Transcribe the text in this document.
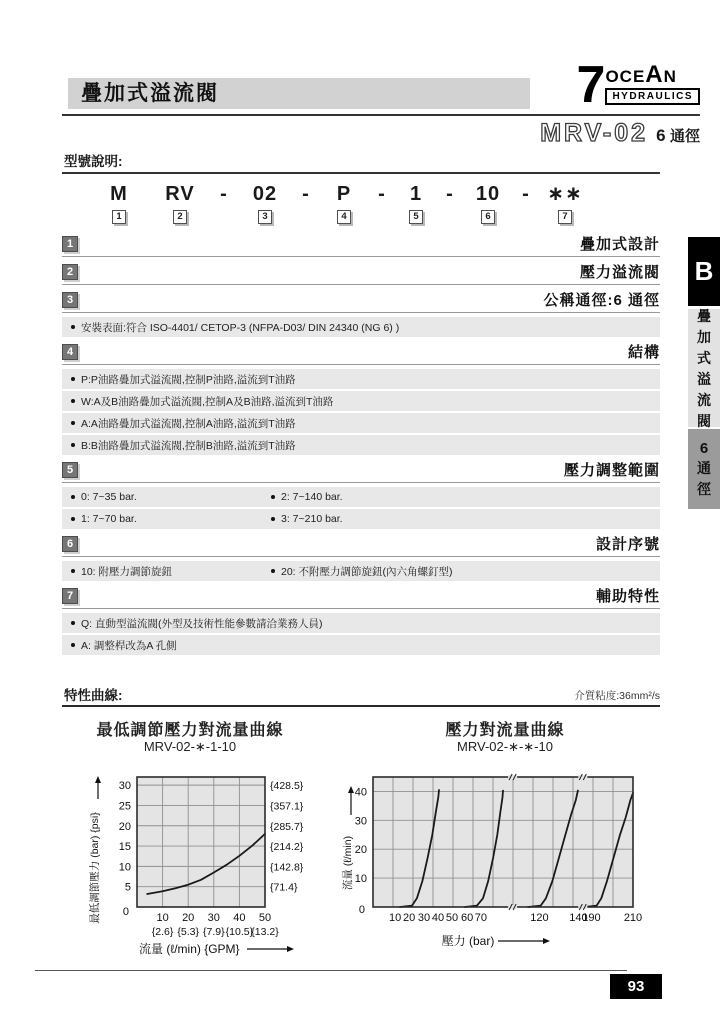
疊加式溢流閥	7 OCEAN
HYDRAULICS
MRV-02 6 通徑
型號說明:
M
1
RV
2
- 02
3
- P
4
- 1
5
- 10
6
- ∗∗
7
1	疊加式設計
2	壓力溢流閥
3	公稱通徑:6 通徑
安裝表面:符合 ISO-4401/ CETOP-3 (NFPA-D03/ DIN 24340 (NG 6) )
4	結構
P:P油路疊加式溢流閥,控制P油路,溢流到T油路
W:A及B油路疊加式溢流閥,控制A及B油路,溢流到T油路
A:A油路疊加式溢流閥,控制A油路,溢流到T油路
B:B油路疊加式溢流閥,控制B油路,溢流到T油路
5	壓力調整範圍
0: 7~35 bar.	2: 7~140 bar.
1: 7~70 bar.	3: 7~210 bar.
6	設計序號
10: 附壓力調節旋鈕	20: 不附壓力調節旋鈕(內六角螺釘型)
7	輔助特性
Q: 直動型溢流閥(外型及技術性能參數請洽業務人員)
A: 調整桿改為A 孔側
特性曲線:	介質粘度:36mm²/s
最低調節壓力對流量曲線
MRV-02-∗-1-10
壓力對流量曲線
MRV-02-∗-∗-10
5
10
15
20
25
30
0
{71.4}
{142.8}
{214.2}
{285.7}
{357.1}
{428.5}
10 20 30 40 50
{2.6} {5.3} {7.9} {10.5}
{13.2}
流量 (ℓ/min) {GPM}
最低調節壓力 (bar) {psi}	10
20
30
40
0
10 20 30 40 50 60 70	120 140
190 210
壓力 (bar)
流量 (ℓ/min)
B
疊
加
式
溢
流
閥
6
通
徑
93
